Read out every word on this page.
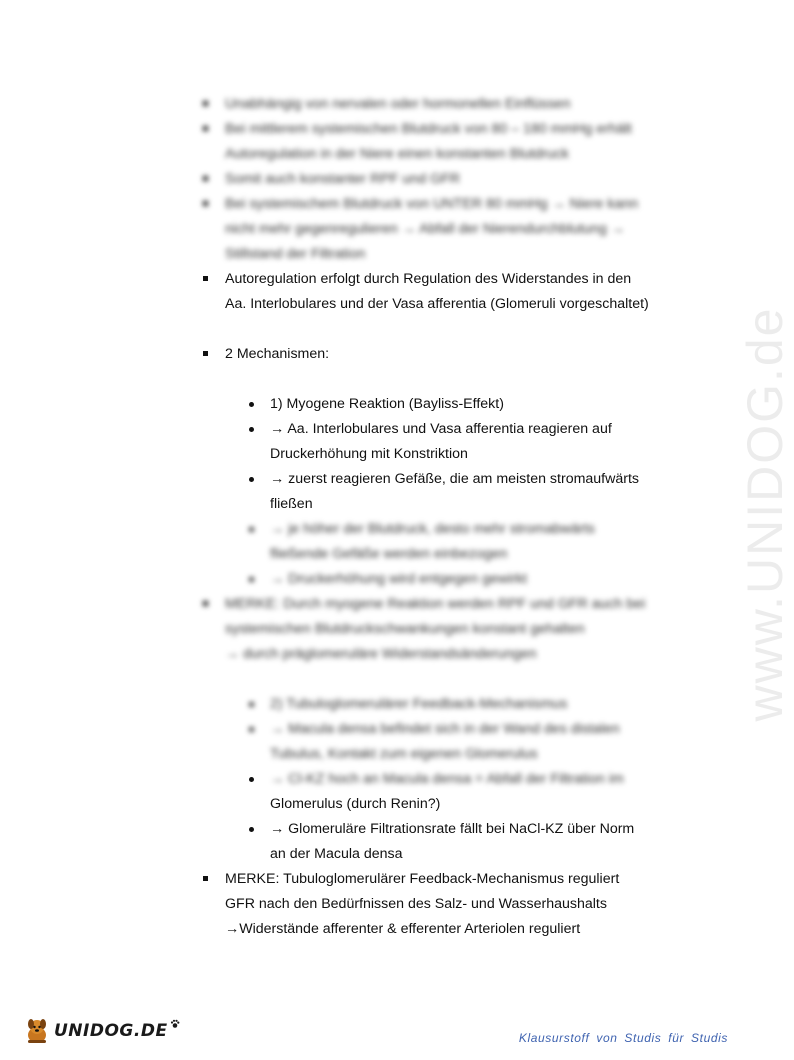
www.UNIDOG.de
Unabhängig von nervalen oder hormonellen Einflüssen
Bei mittlerem systemischen Blutdruck von 80 – 180 mmHg erhält
Autoregulation in der Niere einen konstanten Blutdruck
Somit auch konstanter RPF und GFR
Bei systemischem Blutdruck von UNTER 80 mmHg → Niere kann
nicht mehr gegenregulieren → Abfall der Nierendurchblutung →
Stillstand der Filtration
Autoregulation erfolgt durch Regulation des Widerstandes in den
Aa. Interlobulares und der Vasa afferentia (Glomeruli vorgeschaltet)
2 Mechanismen:
1) Myogene Reaktion (Bayliss-Effekt)
→ Aa. Interlobulares und Vasa afferentia reagieren auf
Druckerhöhung mit Konstriktion
→ zuerst reagieren Gefäße, die am meisten stromaufwärts
fließen
→ je höher der Blutdruck, desto mehr stromabwärts
fließende Gefäße werden einbezogen
→ Druckerhöhung wird entgegen gewirkt
MERKE: Durch myogene Reaktion werden RPF und GFR auch bei
systemischen Blutdruckschwankungen konstant gehalten
→ durch präglomeruläre Widerstandsänderungen
2) Tubuloglomerulärer Feedback-Mechanismus
→ Macula densa befindet sich in der Wand des distalen
Tubulus, Kontakt zum eigenen Glomerulus
→ Cl-KZ hoch an Macula densa = Abfall der Filtration im
Glomerulus (durch Renin?)
→ Glomeruläre Filtrationsrate fällt bei NaCl-KZ über Norm
an der Macula densa
MERKE: Tubuloglomerulärer Feedback-Mechanismus reguliert
GFR nach den Bedürfnissen des Salz- und Wasserhaushalts
→Widerstände afferenter & efferenter Arteriolen reguliert
UNIDOG.DE	Klausurstoff von Studis für Studis
